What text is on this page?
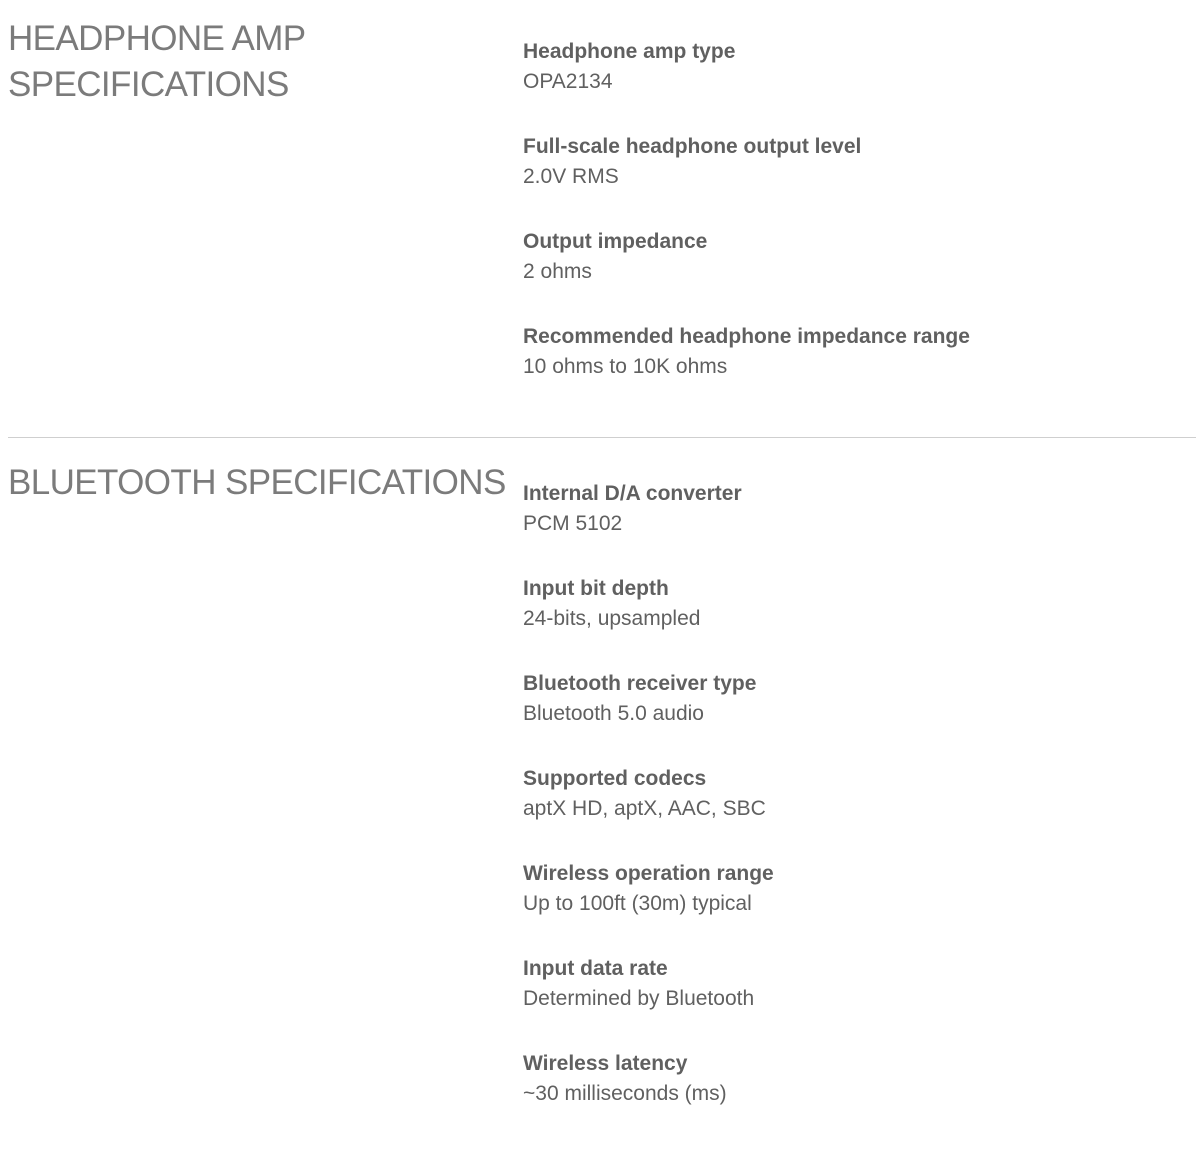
HEADPHONE AMP
SPECIFICATIONS
Headphone amp type
OPA2134
Full-scale headphone output level
2.0V RMS
Output impedance
2 ohms
Recommended headphone impedance range
10 ohms to 10K ohms
BLUETOOTH SPECIFICATIONS Internal D/A converter
PCM 5102
Input bit depth
24-bits, upsampled
Bluetooth receiver type
Bluetooth 5.0 audio
Supported codecs
aptX HD, aptX, AAC, SBC
Wireless operation range
Up to 100ft (30m) typical
Input data rate
Determined by Bluetooth
Wireless latency
~30 milliseconds (ms)
